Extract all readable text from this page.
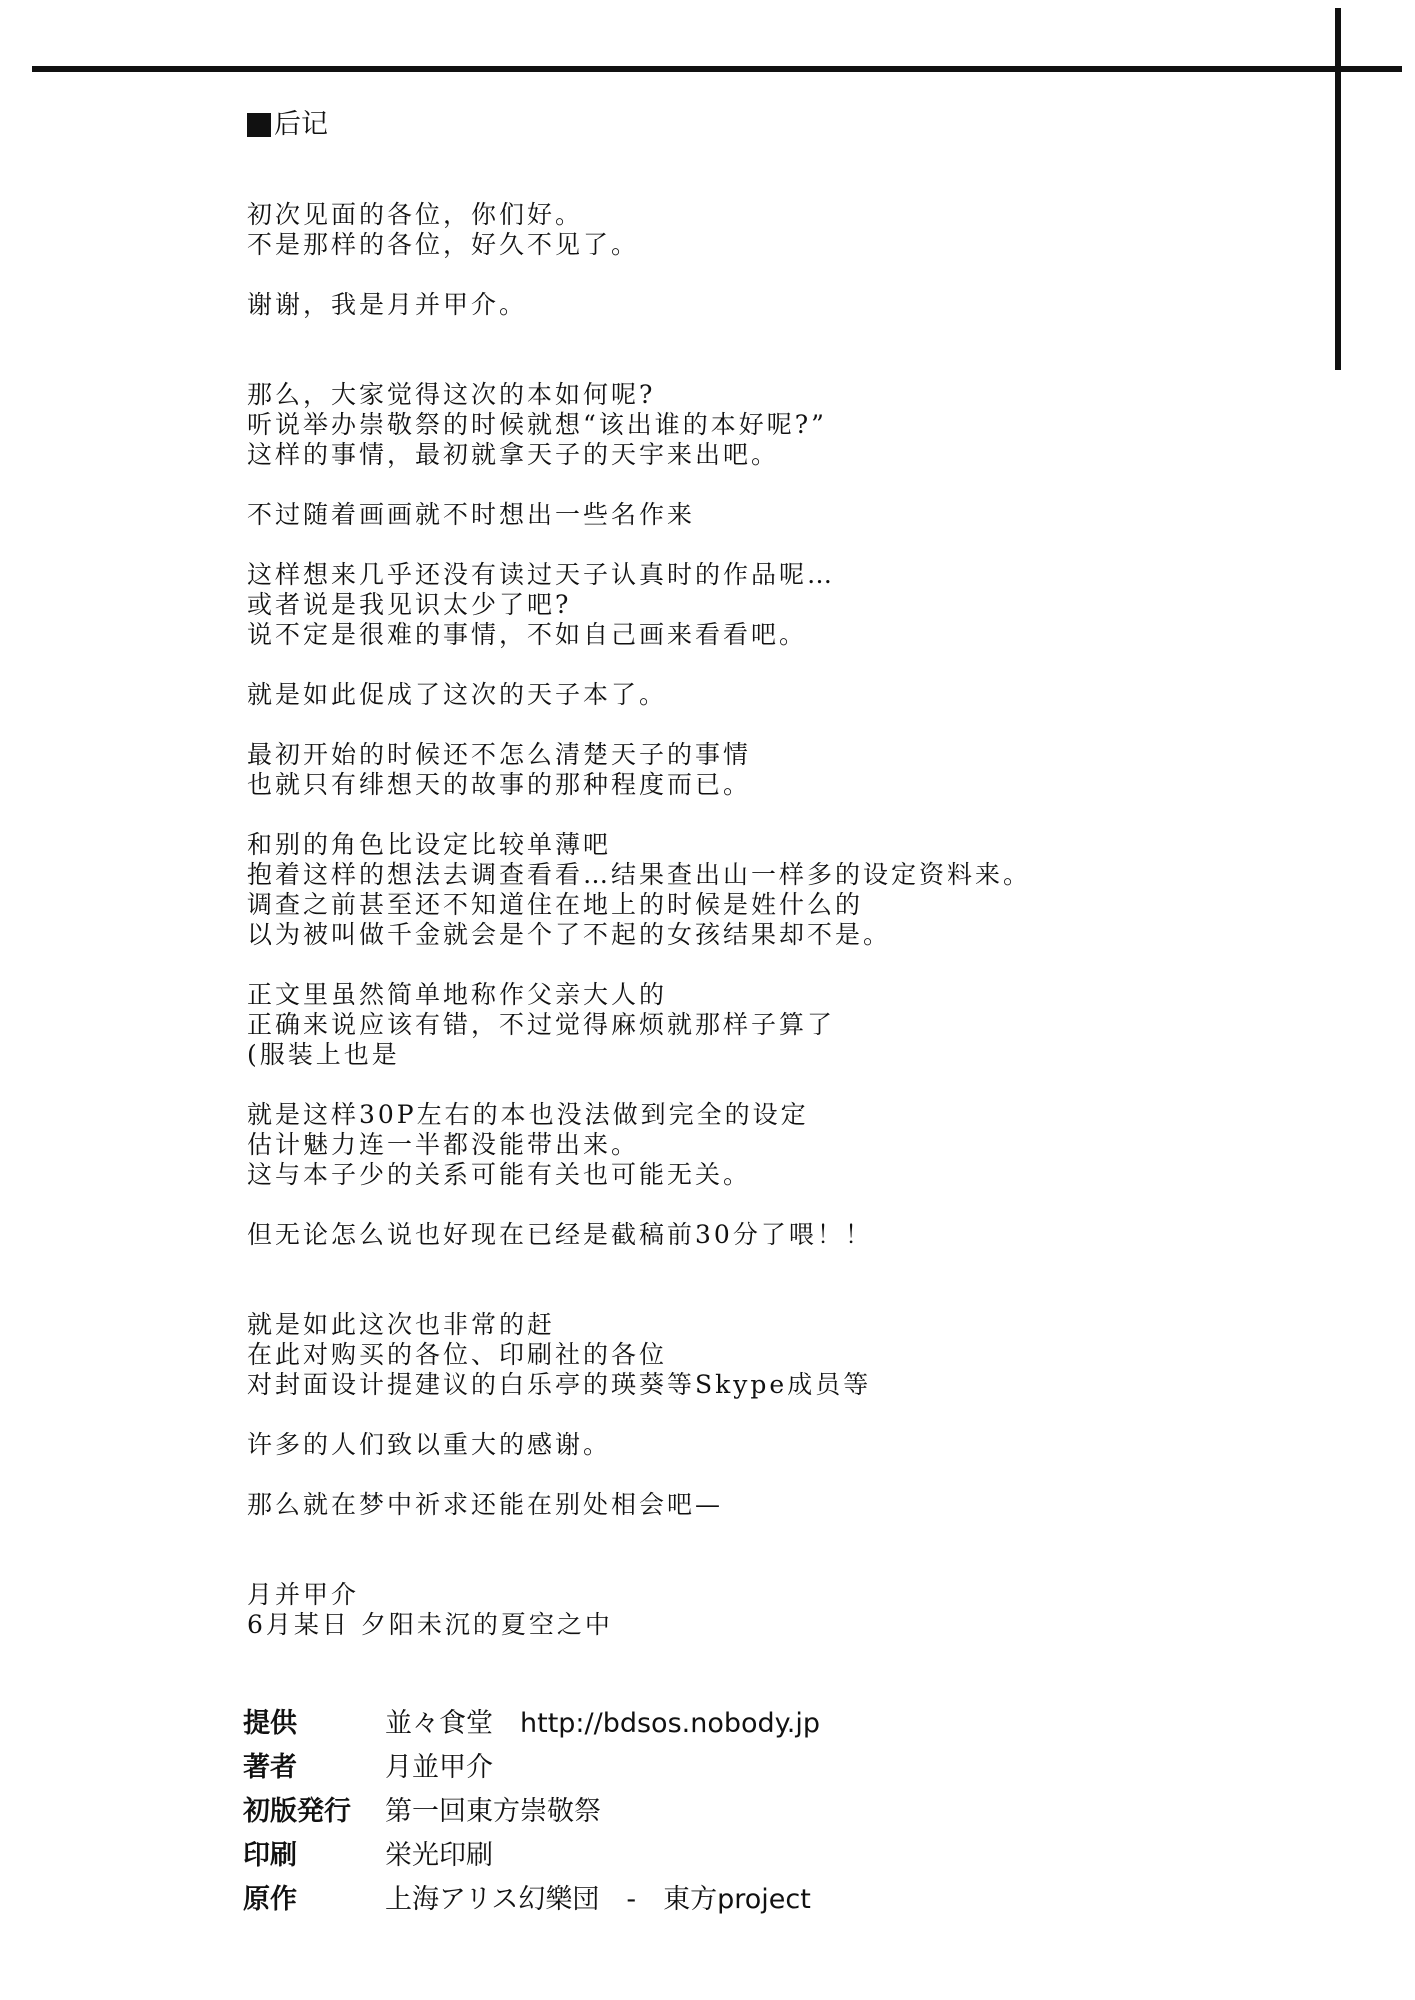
后记
初次见面的各位，你们好。
不是那样的各位，好久不见了。
谢谢，我是月并甲介。
那么，大家觉得这次的本如何呢?
听说举办崇敬祭的时候就想“该出谁的本好呢?”
这样的事情，最初就拿天子的天宇来出吧。
不过随着画画就不时想出一些名作来
这样想来几乎还没有读过天子认真时的作品呢…
或者说是我见识太少了吧?
说不定是很难的事情，不如自己画来看看吧。
就是如此促成了这次的天子本了。
最初开始的时候还不怎么清楚天子的事情
也就只有绯想天的故事的那种程度而已。
和别的角色比设定比较单薄吧
抱着这样的想法去调查看看…结果查出山一样多的设定资料来。
调查之前甚至还不知道住在地上的时候是姓什么的
以为被叫做千金就会是个了不起的女孩结果却不是。
正文里虽然简单地称作父亲大人的
正确来说应该有错，不过觉得麻烦就那样子算了
(服装上也是
就是这样30P左右的本也没法做到完全的设定
估计魅力连一半都没能带出来。
这与本子少的关系可能有关也可能无关。
但无论怎么说也好现在已经是截稿前30分了喂！！
就是如此这次也非常的赶
在此对购买的各位、印刷社的各位
对封面设计提建议的白乐亭的瑛葵等Skype成员等
许多的人们致以重大的感谢。
那么就在梦中祈求还能在别处相会吧—
月并甲介
6月某日 夕阳未沉的夏空之中
提供	並々食堂　http://bdsos.nobody.jp
著者	月並甲介
初版発行	第一回東方崇敬祭
印刷	栄光印刷
原作	上海アリス幻樂団　-　東方project
